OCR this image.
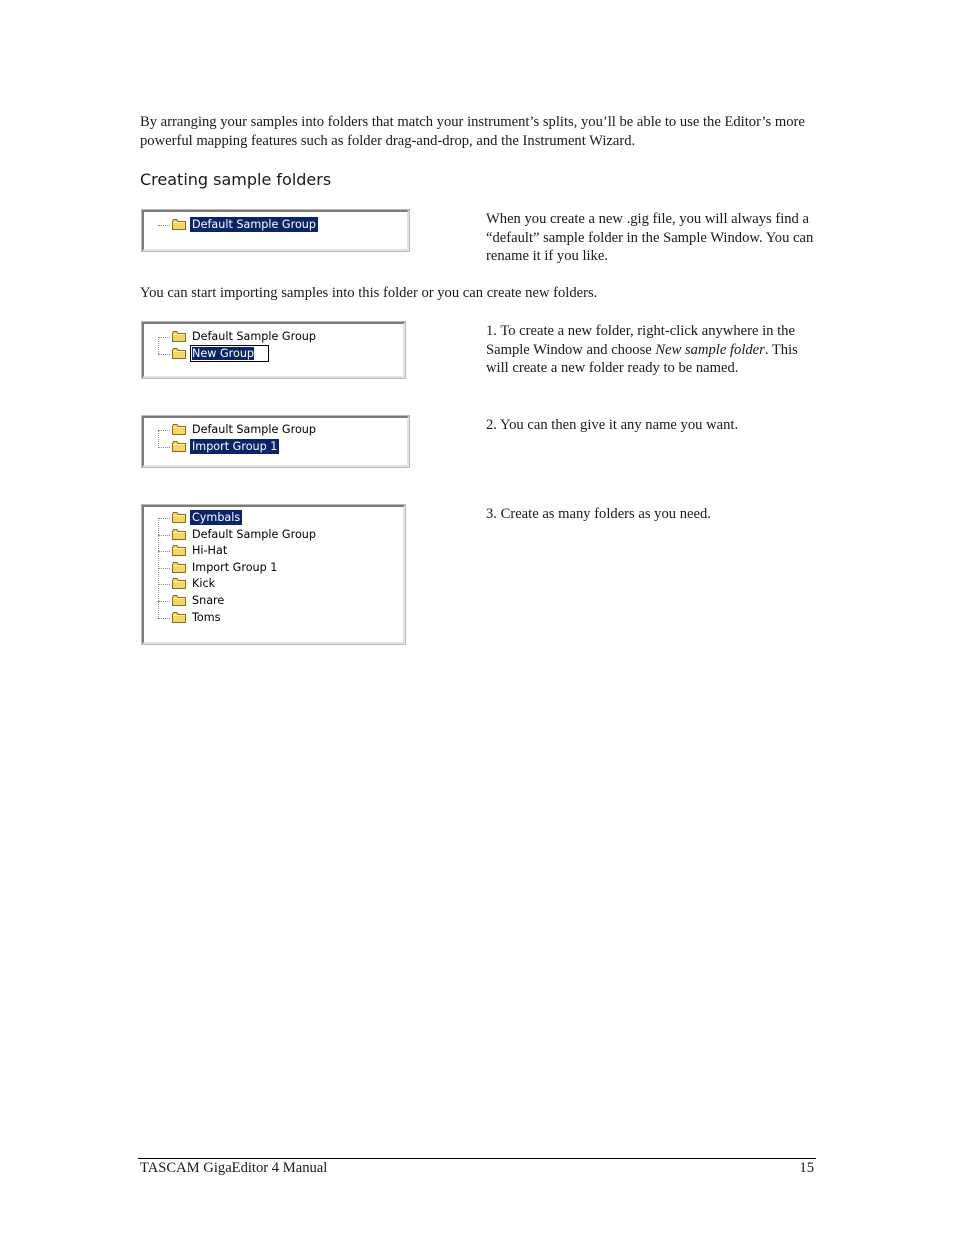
By arranging your samples into folders that match your instrument’s splits, you’ll be able to use the Editor’s more powerful mapping features such as folder drag-and-drop, and the Instrument Wizard.
Creating sample folders
Default Sample Group	When you create a new .gig file, you will always find a “default” sample folder in the Sample Window. You can rename it if you like.
You can start importing samples into this folder or you can create new folders.
Default Sample Group
New Group
1. To create a new folder, right-click anywhere in the Sample Window and choose New sample folder. This will create a new folder ready to be named.
Default Sample Group
Import Group 1
2. You can then give it any name you want.
Cymbals
Default Sample Group
Hi-Hat
Import Group 1
Kick
Snare
Toms
3. Create as many folders as you need.
TASCAM GigaEditor 4 Manual	15
